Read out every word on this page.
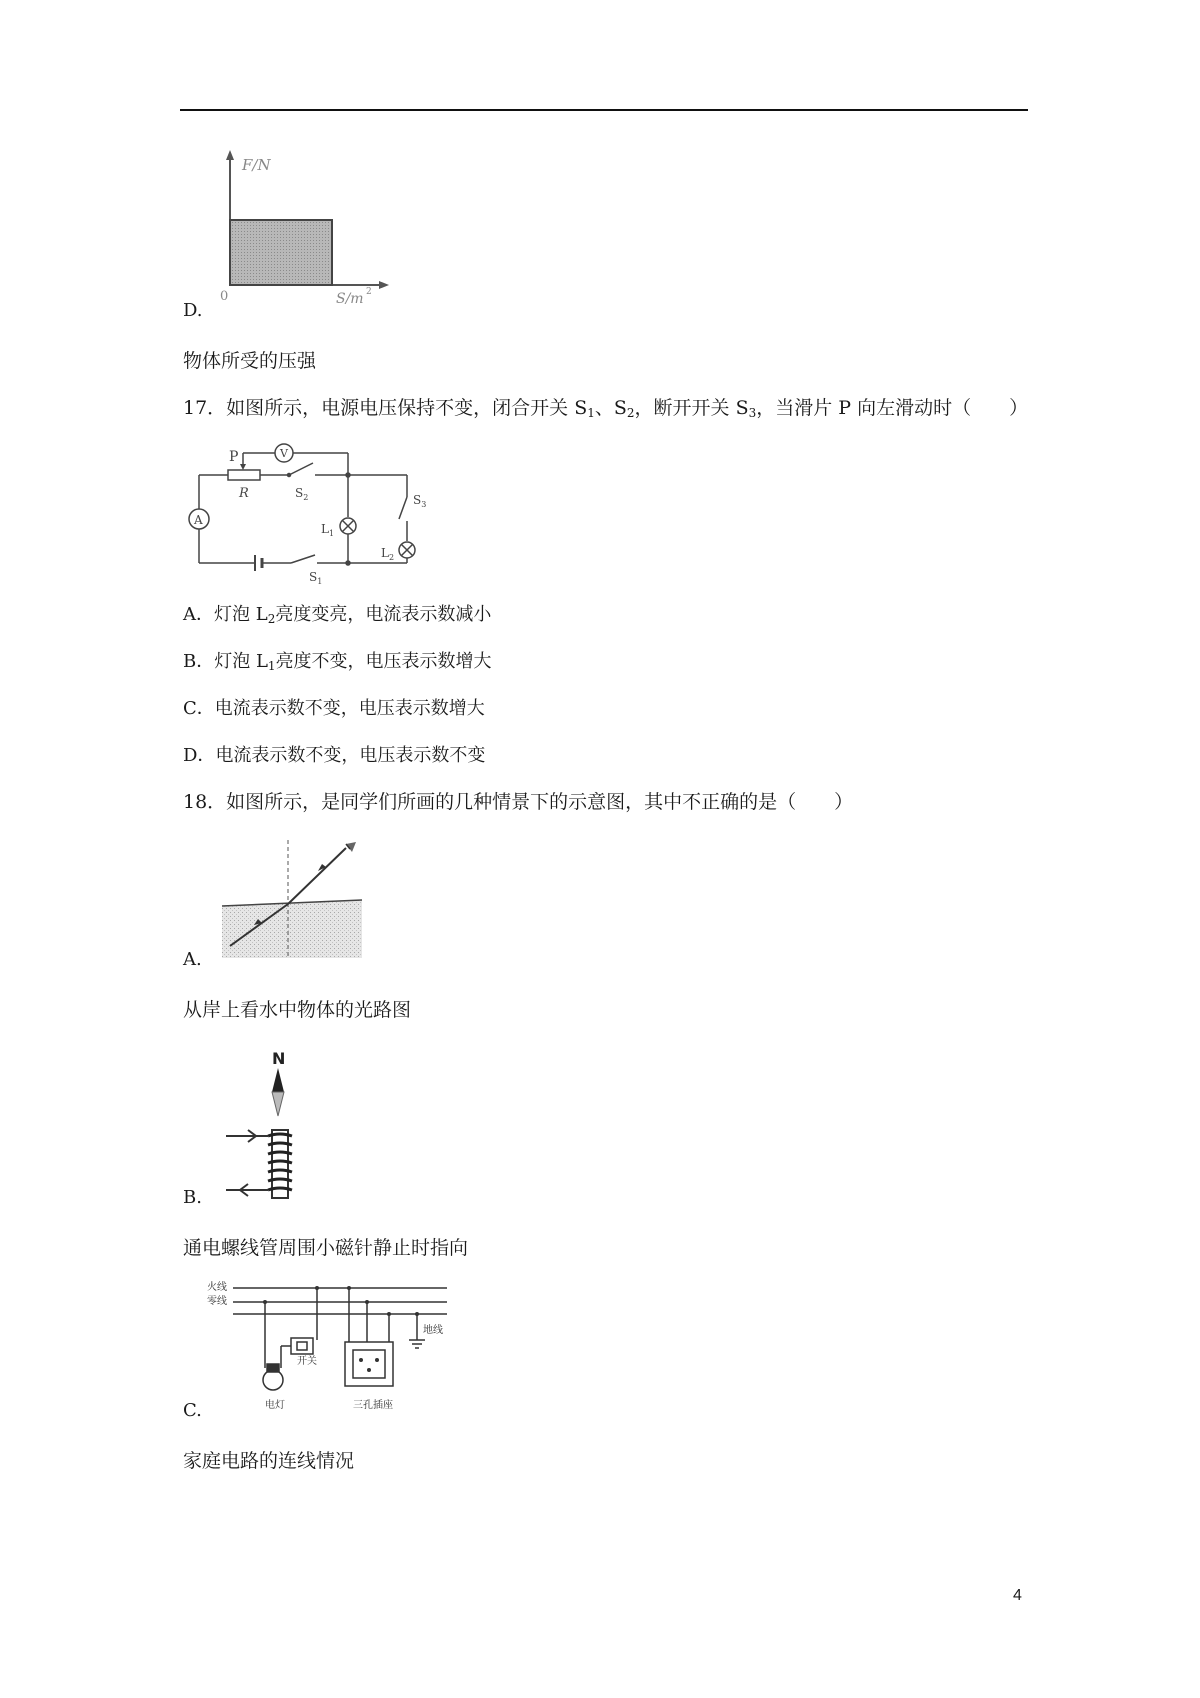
F/N
0	S/m 2
D.
物体所受的压强
17．如图所示，电源电压保持不变，闭合开关 $S_1$、$S_2$，断开开关 $S_3$，当滑片 P 向左滑动时（　　）
A
V
P
R	$S_2$
$L_1$
$S_3$
$L_2$
$S_1$
A．灯泡 $L_2$亮度变亮，电流表示数减小
B．灯泡 $L_1$亮度不变，电压表示数增大
C．电流表示数不变，电压表示数增大
D．电流表示数不变，电压表示数不变
18．如图所示，是同学们所画的几种情景下的示意图，其中不正确的是（　　）
A.
从岸上看水中物体的光路图
N
B.
通电螺线管周围小磁针静止时指向
火线
零线
地线
开关
电灯	三孔插座
C.
家庭电路的连线情况
4
